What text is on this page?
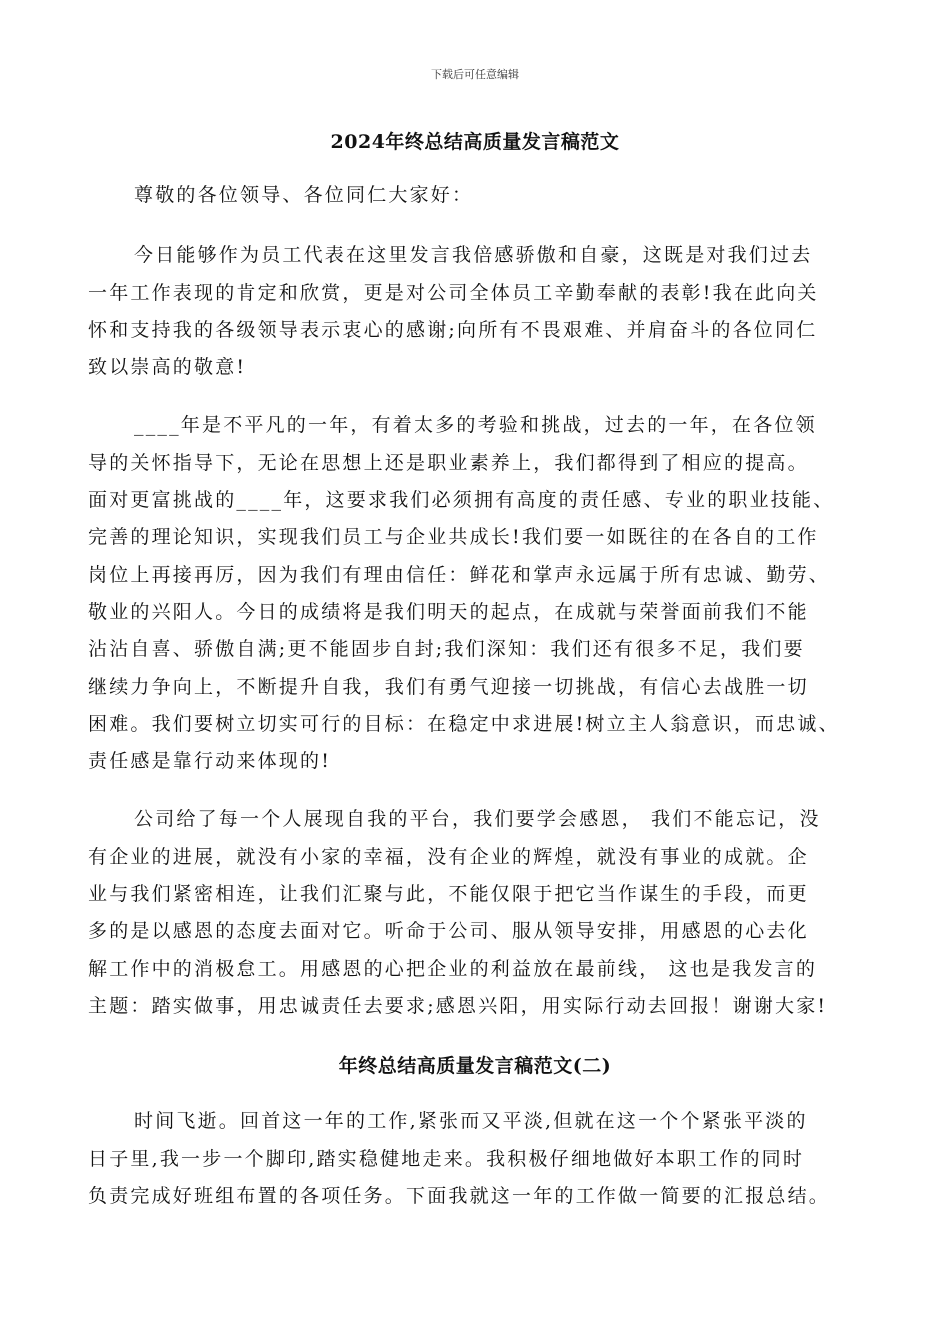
下载后可任意编辑
2024年终总结高质量发言稿范文
尊敬的各位领导、各位同仁大家好：
今日能够作为员工代表在这里发言我倍感骄傲和自豪，这既是对我们过去
一年工作表现的肯定和欣赏，更是对公司全体员工辛勤奉献的表彰!我在此向关
怀和支持我的各级领导表示衷心的感谢;向所有不畏艰难、并肩奋斗的各位同仁
致以崇高的敬意!
____年是不平凡的一年，有着太多的考验和挑战，过去的一年，在各位领
导的关怀指导下，无论在思想上还是职业素养上，我们都得到了相应的提高。
面对更富挑战的____年，这要求我们必须拥有高度的责任感、专业的职业技能、
完善的理论知识，实现我们员工与企业共成长!我们要一如既往的在各自的工作
岗位上再接再厉，因为我们有理由信任：鲜花和掌声永远属于所有忠诚、勤劳、
敬业的兴阳人。今日的成绩将是我们明天的起点，在成就与荣誉面前我们不能
沾沾自喜、骄傲自满;更不能固步自封;我们深知：我们还有很多不足，我们要
继续力争向上，不断提升自我，我们有勇气迎接一切挑战，有信心去战胜一切
困难。我们要树立切实可行的目标：在稳定中求进展!树立主人翁意识，而忠诚、
责任感是靠行动来体现的!
公司给了每一个人展现自我的平台，我们要学会感恩， 我们不能忘记，没
有企业的进展，就没有小家的幸福，没有企业的辉煌，就没有事业的成就。企
业与我们紧密相连，让我们汇聚与此，不能仅限于把它当作谋生的手段，而更
多的是以感恩的态度去面对它。听命于公司、服从领导安排，用感恩的心去化
解工作中的消极怠工。用感恩的心把企业的利益放在最前线， 这也是我发言的
主题：踏实做事，用忠诚责任去要求;感恩兴阳，用实际行动去回报！谢谢大家!
年终总结高质量发言稿范文(二)
时间飞逝。回首这一年的工作,紧张而又平淡,但就在这一个个紧张平淡的
日子里,我一步一个脚印,踏实稳健地走来。我积极仔细地做好本职工作的同时
负责完成好班组布置的各项任务。下面我就这一年的工作做一简要的汇报总结。
